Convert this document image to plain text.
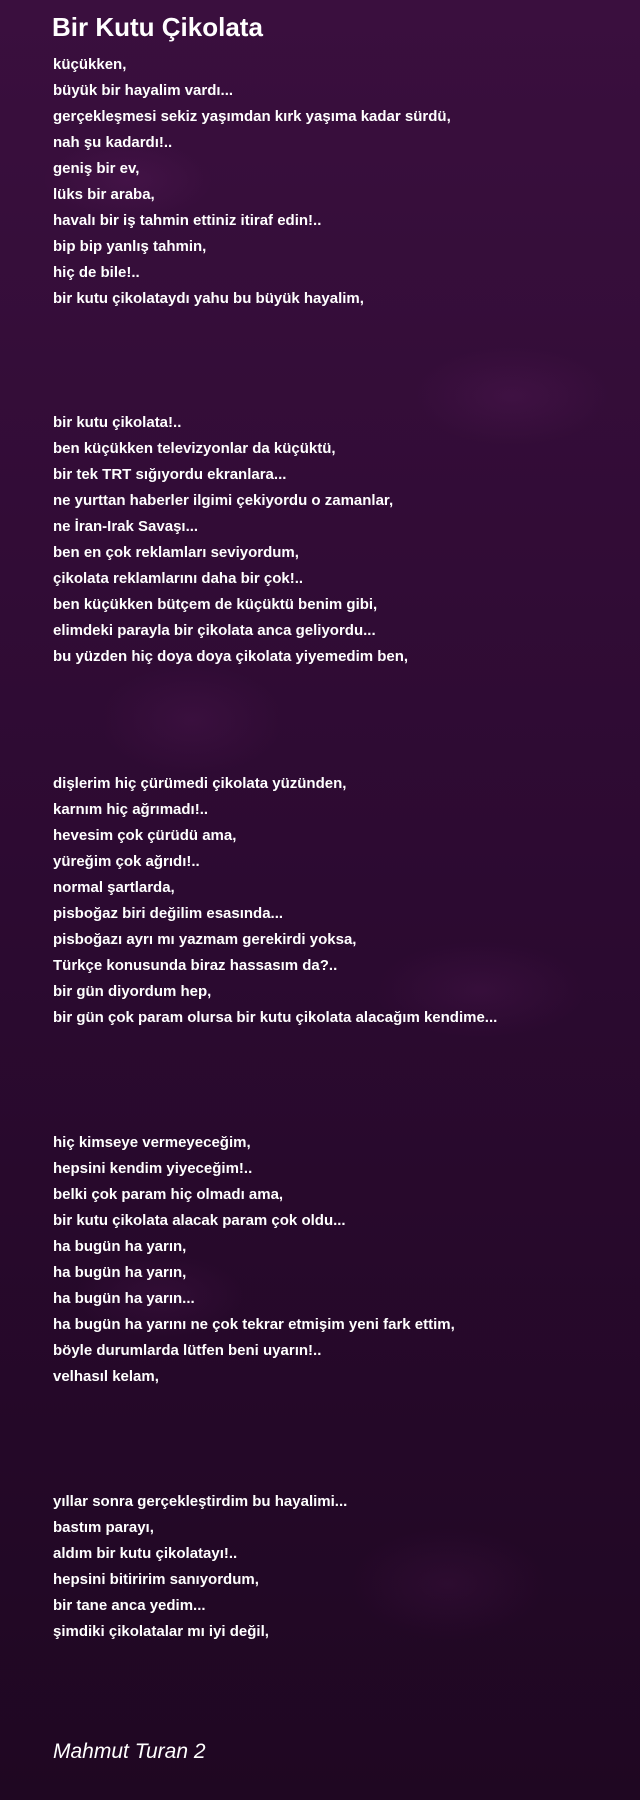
Bir Kutu Çikolata
küçükken,
büyük bir hayalim vardı...
gerçekleşmesi sekiz yaşımdan kırk yaşıma kadar sürdü,
nah şu kadardı!..
geniş bir ev,
lüks bir araba,
havalı bir iş tahmin ettiniz itiraf edin!..
bip bip yanlış tahmin,
hiç de bile!..
bir kutu çikolataydı yahu bu büyük hayalim,
bir kutu çikolata!..
ben küçükken televizyonlar da küçüktü,
bir tek TRT sığıyordu ekranlara...
ne yurttan haberler ilgimi çekiyordu o zamanlar,
ne İran-Irak Savaşı...
ben en çok reklamları seviyordum,
çikolata reklamlarını daha bir çok!..
ben küçükken bütçem de küçüktü benim gibi,
elimdeki parayla bir çikolata anca geliyordu...
bu yüzden hiç doya doya çikolata yiyemedim ben,
dişlerim hiç çürümedi çikolata yüzünden,
karnım hiç ağrımadı!..
hevesim çok çürüdü ama,
yüreğim çok ağrıdı!..
normal şartlarda,
pisboğaz biri değilim esasında...
pisboğazı ayrı mı yazmam gerekirdi yoksa,
Türkçe konusunda biraz hassasım da?..
bir gün diyordum hep,
bir gün çok param olursa bir kutu çikolata alacağım kendime...
hiç kimseye vermeyeceğim,
hepsini kendim yiyeceğim!..
belki çok param hiç olmadı ama,
bir kutu çikolata alacak param çok oldu...
ha bugün ha yarın,
ha bugün ha yarın,
ha bugün ha yarın...
ha bugün ha yarını ne çok tekrar etmişim yeni fark ettim,
böyle durumlarda lütfen beni uyarın!..
velhasıl kelam,
yıllar sonra gerçekleştirdim bu hayalimi...
bastım parayı,
aldım bir kutu çikolatayı!..
hepsini bitiririm sanıyordum,
bir tane anca yedim...
şimdiki çikolatalar mı iyi değil,
Mahmut Turan 2
